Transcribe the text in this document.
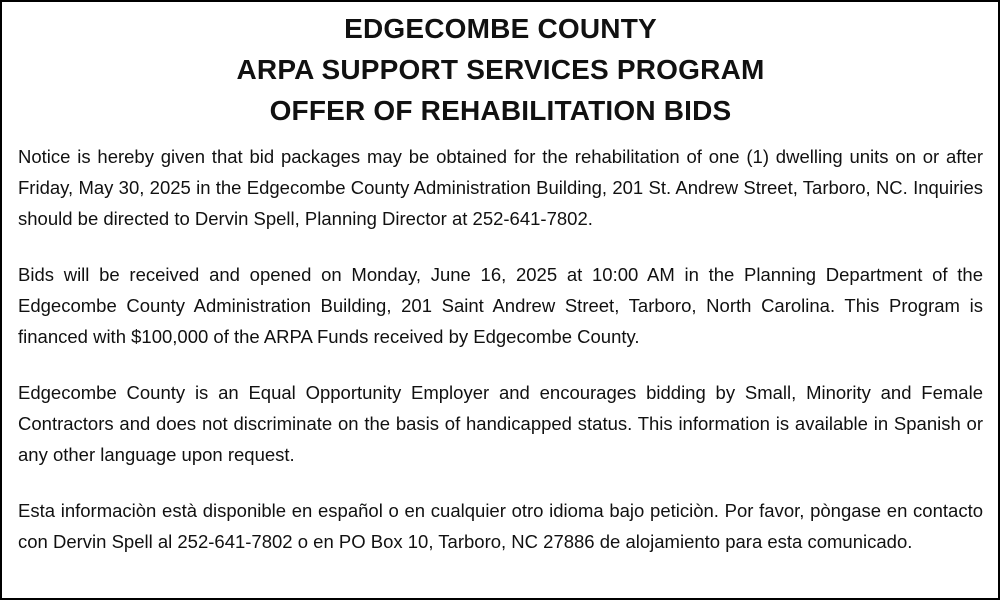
EDGECOMBE COUNTY
ARPA SUPPORT SERVICES PROGRAM
OFFER OF REHABILITATION BIDS

Notice is hereby given that bid packages may be obtained for the rehabilitation of one (1) dwelling units on or after Friday, May 30, 2025 in the Edgecombe County Administration Building, 201 St. Andrew Street, Tarboro, NC. Inquiries should be directed to Dervin Spell, Planning Director at 252-641-7802.

Bids will be received and opened on Monday, June 16, 2025 at 10:00 AM in the Planning Department of the Edgecombe County Administration Building, 201 Saint Andrew Street, Tarboro, North Carolina. This Program is financed with $100,000 of the ARPA Funds received by Edgecombe County.

Edgecombe County is an Equal Opportunity Employer and encourages bidding by Small, Minority and Female Contractors and does not discriminate on the basis of handicapped status. This information is available in Spanish or any other language upon request.

Esta informaciòn està disponible en español o en cualquier otro idioma bajo peticiòn. Por favor, pòngase en contacto con Dervin Spell al 252-641-7802 o en PO Box 10, Tarboro, NC 27886 de alojamiento para esta comunicado.
